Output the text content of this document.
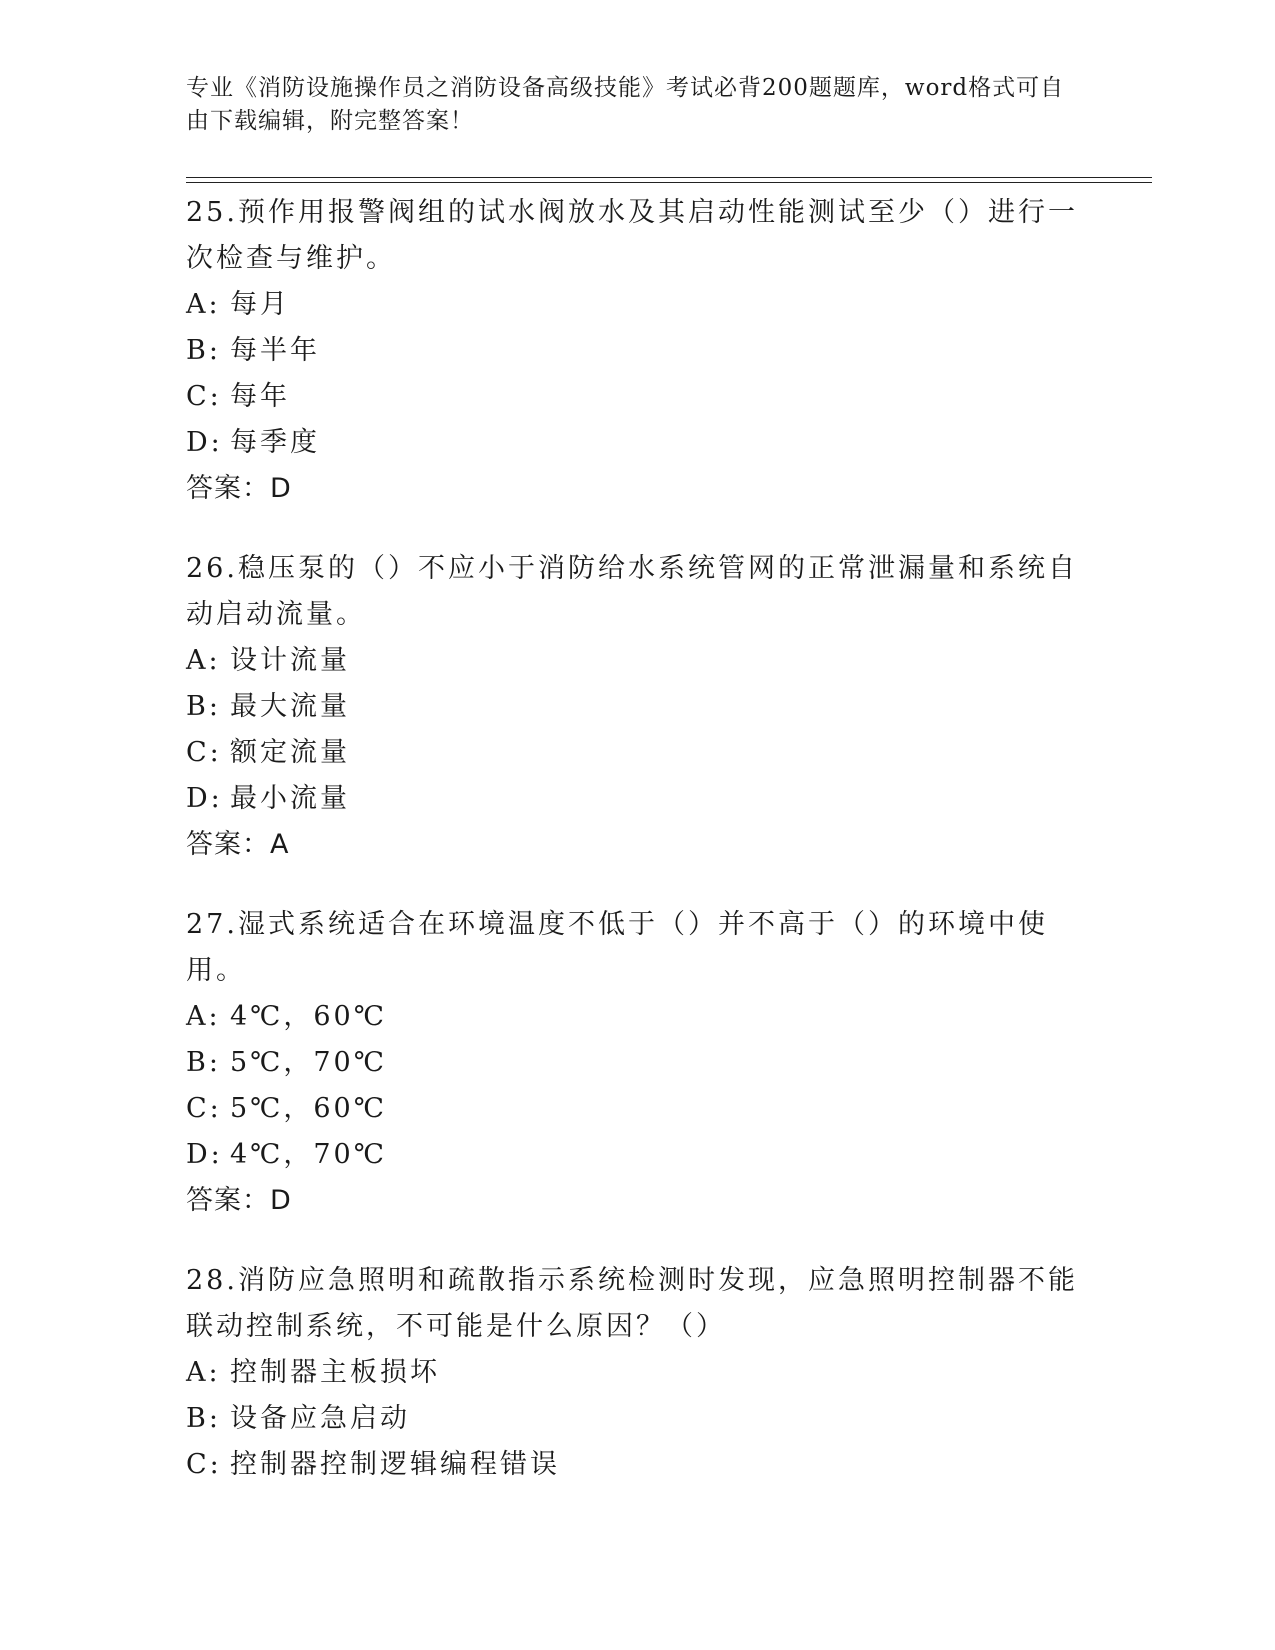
专业《消防设施操作员之消防设备高级技能》考试必背200题题库，word格式可自由下载编辑，附完整答案！
25.预作用报警阀组的试水阀放水及其启动性能测试至少（）进行一次检查与维护。
A: 每月
B: 每半年
C: 每年
D: 每季度
答案：D
26.稳压泵的（）不应小于消防给水系统管网的正常泄漏量和系统自动启动流量。
A: 设计流量
B: 最大流量
C: 额定流量
D: 最小流量
答案：A
27.湿式系统适合在环境温度不低于（）并不高于（）的环境中使用。
A: 4℃，60℃
B: 5℃，70℃
C: 5℃，60℃
D: 4℃，70℃
答案：D
28.消防应急照明和疏散指示系统检测时发现，应急照明控制器不能联动控制系统，不可能是什么原因？（）
A: 控制器主板损坏
B: 设备应急启动
C: 控制器控制逻辑编程错误
